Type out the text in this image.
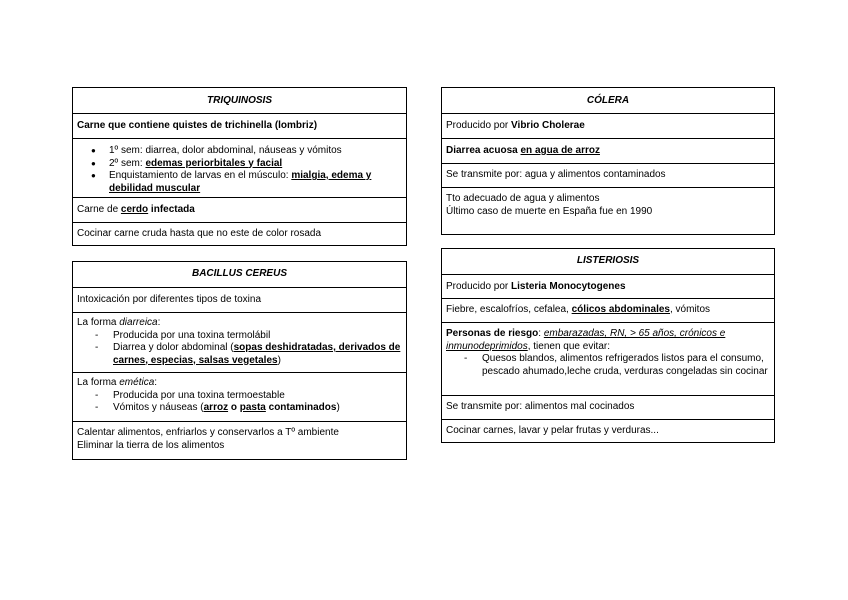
TRIQUINOSIS
Carne que contiene quistes de trichinella (lombriz)
● 1º sem: diarrea, dolor abdominal, náuseas y vómitos
● 2º sem: edemas periorbitales y facial
● Enquistamiento de larvas en el músculo: mialgia, edema y debilidad muscular
Carne de cerdo infectada
Cocinar carne cruda hasta que no este de color rosada
BACILLUS CEREUS
Intoxicación por diferentes tipos de toxina
La forma diarreica:
- Producida por una toxina termolábil
- Diarrea y dolor abdominal (sopas deshidratadas, derivados de carnes, especias, salsas vegetales)
La forma emética:
- Producida por una toxina termoestable
- Vómitos y náuseas (arroz o pasta contaminados)
Calentar alimentos, enfriarlos y conservarlos a Tº ambiente
Eliminar la tierra de los alimentos
CÓLERA
Producido por Vibrio Cholerae
Diarrea acuosa en agua de arroz
Se transmite por: agua y alimentos contaminados
Tto adecuado de agua y alimentos
Último caso de muerte en España fue en 1990
LISTERIOSIS
Producido por Listeria Monocytogenes
Fiebre, escalofríos, cefalea, cólicos abdominales, vómitos
Personas de riesgo: embarazadas, RN, > 65 años, crónicos e inmunodeprimidos, tienen que evitar:
- Quesos blandos, alimentos refrigerados listos para el consumo, pescado ahumado,leche cruda, verduras congeladas sin cocinar
Se transmite por: alimentos mal cocinados
Cocinar carnes, lavar y pelar frutas y verduras...
